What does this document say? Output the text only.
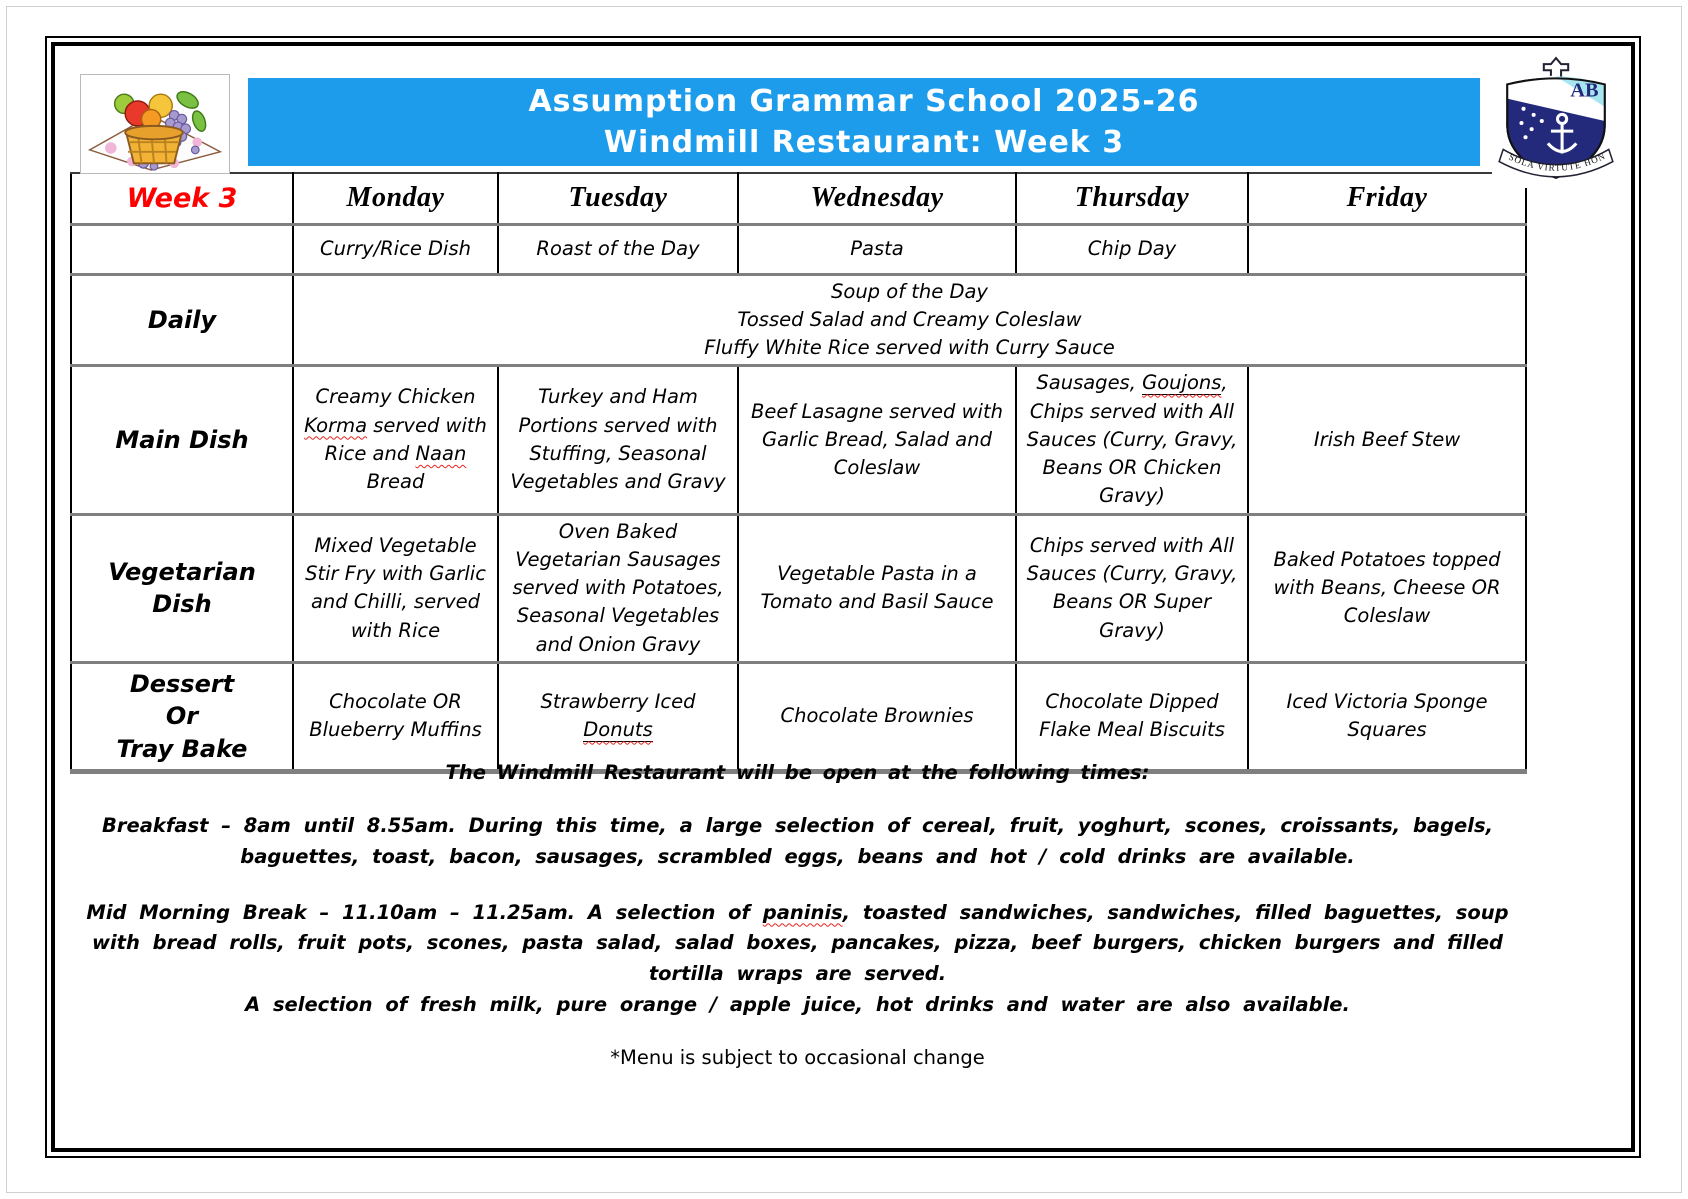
Assumption Grammar School 2025-26
Windmill Restaurant: Week 3
AB
SOLA VIRTUTE HON
Week 3	Monday	Tuesday	Wednesday	Thursday	Friday
	Curry/Rice Dish	Roast of the Day	Pasta	Chip Day	
Daily	Soup of the Day
Tossed Salad and Creamy Coleslaw
Fluffy White Rice served with Curry Sauce				

Main Dish	Creamy Chicken Korma served with Rice and Naan Bread	Turkey and Ham Portions served with Stuffing, Seasonal Vegetables and Gravy	Beef Lasagne served with Garlic Bread, Salad and Coleslaw	Sausages, Goujons, Chips served with All Sauces (Curry, Gravy, Beans OR Chicken Gravy)	Irish Beef Stew

Vegetarian
Dish	Mixed Vegetable Stir Fry with Garlic and Chilli, served with Rice	Oven Baked Vegetarian Sausages served with Potatoes, Seasonal Vegetables and Onion Gravy	Vegetable Pasta in a Tomato and Basil Sauce	Chips served with All Sauces (Curry, Gravy, Beans OR Super Gravy)	Baked Potatoes topped with Beans, Cheese OR Coleslaw

Dessert
Or
Tray Bake	Chocolate OR Blueberry Muffins	Strawberry Iced Donuts	Chocolate Brownies	Chocolate Dipped Flake Meal Biscuits	Iced Victoria Sponge Squares

The Windmill Restaurant will be open at the following times:

Breakfast – 8am until 8.55am. During this time, a large selection of cereal, fruit, yoghurt, scones, croissants, bagels, baguettes, toast, bacon, sausages, scrambled eggs, beans and hot / cold drinks are available.

Mid Morning Break – 11.10am – 11.25am. A selection of paninis, toasted sandwiches, sandwiches, filled baguettes, soup with bread rolls, fruit pots, scones, pasta salad, salad boxes, pancakes, pizza, beef burgers, chicken burgers and filled tortilla wraps are served.

A selection of fresh milk, pure orange / apple juice, hot drinks and water are also available.

*Menu is subject to occasional change
